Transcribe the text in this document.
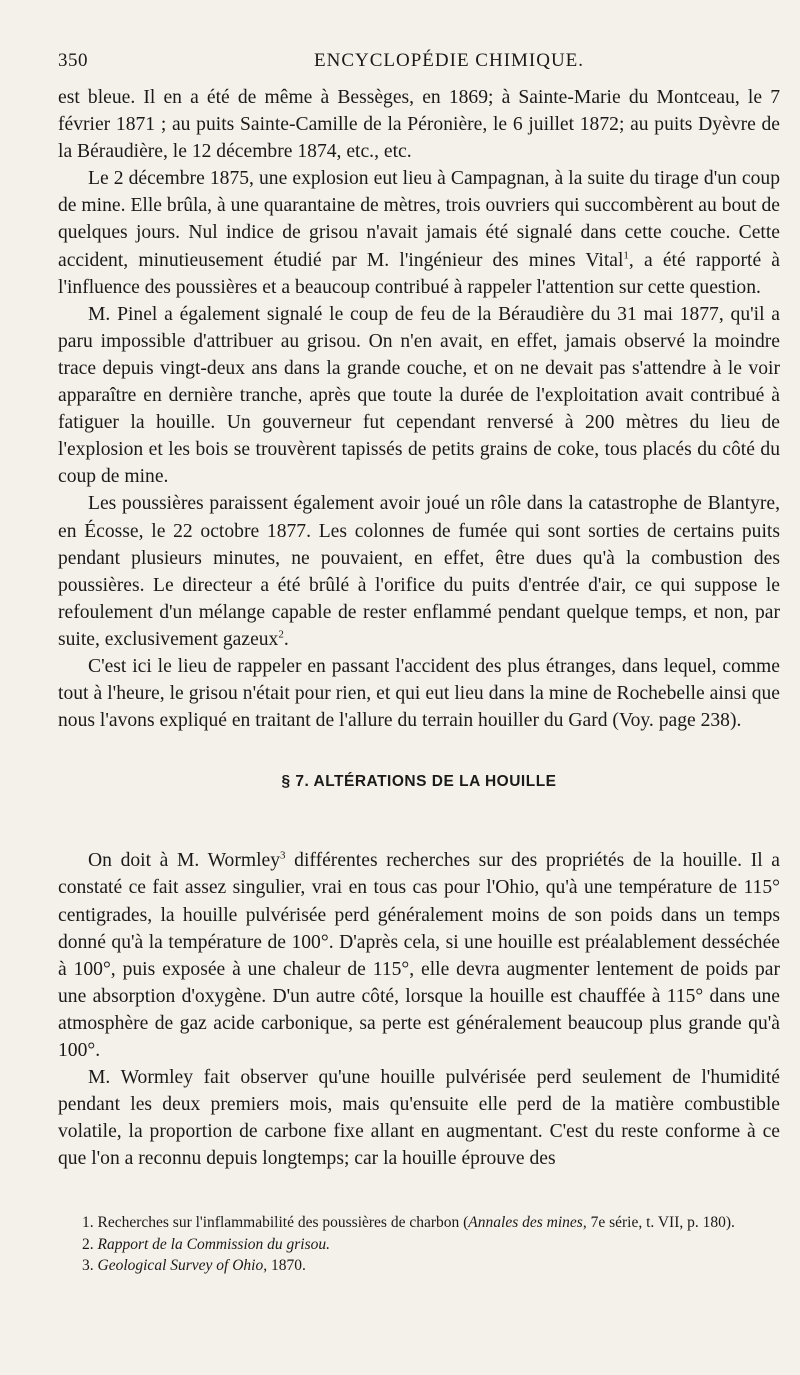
350	ENCYCLOPÉDIE CHIMIQUE.

est bleue. Il en a été de même à Bessèges, en 1869; à Sainte-Marie du Montceau, le 7 février 1871 ; au puits Sainte-Camille de la Péronière, le 6 juillet 1872; au puits Dyèvre de la Béraudière, le 12 décembre 1874, etc., etc.

Le 2 décembre 1875, une explosion eut lieu à Campagnan, à la suite du tirage d'un coup de mine. Elle brûla, à une quarantaine de mètres, trois ouvriers qui succombèrent au bout de quelques jours. Nul indice de grisou n'avait jamais été signalé dans cette couche. Cette accident, minutieusement étudié par M. l'ingénieur des mines Vital$^1$, a été rapporté à l'influence des poussières et a beaucoup contribué à rappeler l'attention sur cette question.

M. Pinel a également signalé le coup de feu de la Béraudière du 31 mai 1877, qu'il a paru impossible d'attribuer au grisou. On n'en avait, en effet, jamais observé la moindre trace depuis vingt-deux ans dans la grande couche, et on ne devait pas s'attendre à le voir apparaître en dernière tranche, après que toute la durée de l'exploitation avait contribué à fatiguer la houille. Un gouverneur fut cependant renversé à 200 mètres du lieu de l'explosion et les bois se trouvèrent tapissés de petits grains de coke, tous placés du côté du coup de mine.

Les poussières paraissent également avoir joué un rôle dans la catastrophe de Blantyre, en Écosse, le 22 octobre 1877. Les colonnes de fumée qui sont sorties de certains puits pendant plusieurs minutes, ne pouvaient, en effet, être dues qu'à la combustion des poussières. Le directeur a été brûlé à l'orifice du puits d'entrée d'air, ce qui suppose le refoulement d'un mélange capable de rester enflammé pendant quelque temps, et non, par suite, exclusivement gazeux$^2$.

C'est ici le lieu de rappeler en passant l'accident des plus étranges, dans lequel, comme tout à l'heure, le grisou n'était pour rien, et qui eut lieu dans la mine de Rochebelle ainsi que nous l'avons expliqué en traitant de l'allure du terrain houiller du Gard (Voy. page 238).

§ 7. ALTÉRATIONS DE LA HOUILLE

On doit à M. Wormley$^3$ différentes recherches sur des propriétés de la houille. Il a constaté ce fait assez singulier, vrai en tous cas pour l'Ohio, qu'à une température de 115° centigrades, la houille pulvérisée perd généralement moins de son poids dans un temps donné qu'à la température de 100°. D'après cela, si une houille est préalablement desséchée à 100°, puis exposée à une chaleur de 115°, elle devra augmenter lentement de poids par une absorption d'oxygène. D'un autre côté, lorsque la houille est chauffée à 115° dans une atmosphère de gaz acide carbonique, sa perte est généralement beaucoup plus grande qu'à 100°.

M. Wormley fait observer qu'une houille pulvérisée perd seulement de l'humidité pendant les deux premiers mois, mais qu'ensuite elle perd de la matière combustible volatile, la proportion de carbone fixe allant en augmentant. C'est du reste conforme à ce que l'on a reconnu depuis longtemps; car la houille éprouve des

1. Recherches sur l'inflammabilité des poussières de charbon (Annales des mines, 7e série, t. VII, p. 180).

2. Rapport de la Commission du grisou.

3. Geological Survey of Ohio, 1870.
